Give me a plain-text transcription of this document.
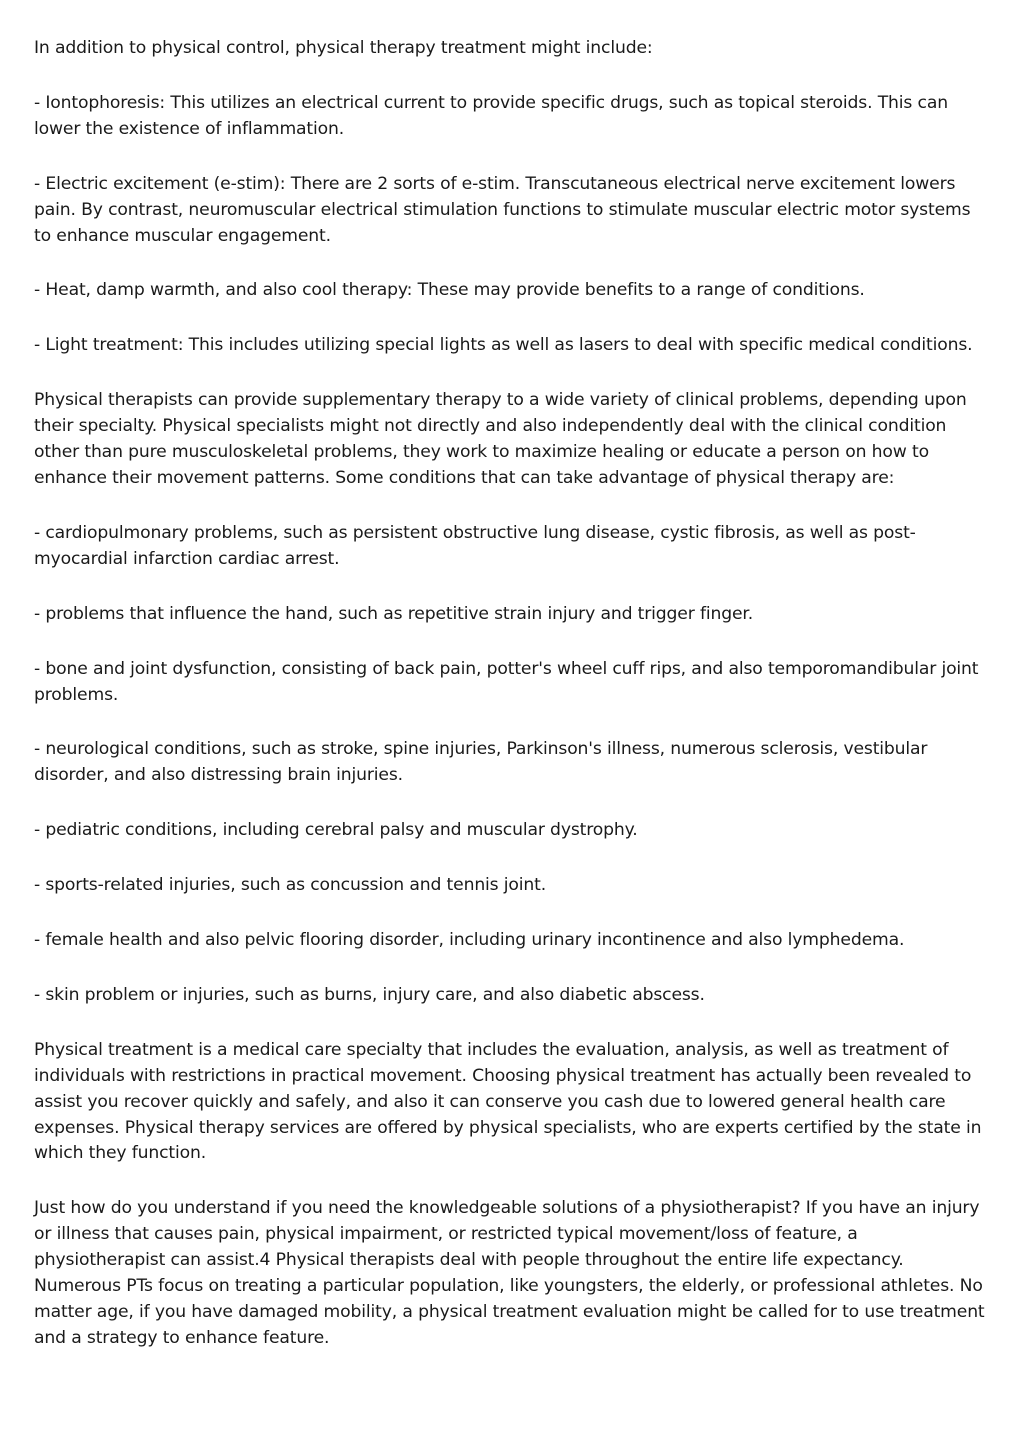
In addition to physical control, physical therapy treatment might include:

- Iontophoresis: This utilizes an electrical current to provide specific drugs, such as topical steroids. This can lower the existence of inflammation.

- Electric excitement (e-stim): There are 2 sorts of e-stim. Transcutaneous electrical nerve excitement lowers pain. By contrast, neuromuscular electrical stimulation functions to stimulate muscular electric motor systems to enhance muscular engagement.

- Heat, damp warmth, and also cool therapy: These may provide benefits to a range of conditions.

- Light treatment: This includes utilizing special lights as well as lasers to deal with specific medical conditions.

Physical therapists can provide supplementary therapy to a wide variety of clinical problems, depending upon their specialty. Physical specialists might not directly and also independently deal with the clinical condition other than pure musculoskeletal problems, they work to maximize healing or educate a person on how to enhance their movement patterns. Some conditions that can take advantage of physical therapy are:

- cardiopulmonary problems, such as persistent obstructive lung disease, cystic fibrosis, as well as post-myocardial infarction cardiac arrest.

- problems that influence the hand, such as repetitive strain injury and trigger finger.

- bone and joint dysfunction, consisting of back pain, potter's wheel cuff rips, and also temporomandibular joint problems.

- neurological conditions, such as stroke, spine injuries, Parkinson's illness, numerous sclerosis, vestibular disorder, and also distressing brain injuries.

- pediatric conditions, including cerebral palsy and muscular dystrophy.

- sports-related injuries, such as concussion and tennis joint.

- female health and also pelvic flooring disorder, including urinary incontinence and also lymphedema.

- skin problem or injuries, such as burns, injury care, and also diabetic abscess.

Physical treatment is a medical care specialty that includes the evaluation, analysis, as well as treatment of individuals with restrictions in practical movement. Choosing physical treatment has actually been revealed to assist you recover quickly and safely, and also it can conserve you cash due to lowered general health care expenses. Physical therapy services are offered by physical specialists, who are experts certified by the state in which they function.

Just how do you understand if you need the knowledgeable solutions of a physiotherapist? If you have an injury or illness that causes pain, physical impairment, or restricted typical movement/loss of feature, a physiotherapist can assist.4 Physical therapists deal with people throughout the entire life expectancy. Numerous PTs focus on treating a particular population, like youngsters, the elderly, or professional athletes. No matter age, if you have damaged mobility, a physical treatment evaluation might be called for to use treatment and a strategy to enhance feature.
